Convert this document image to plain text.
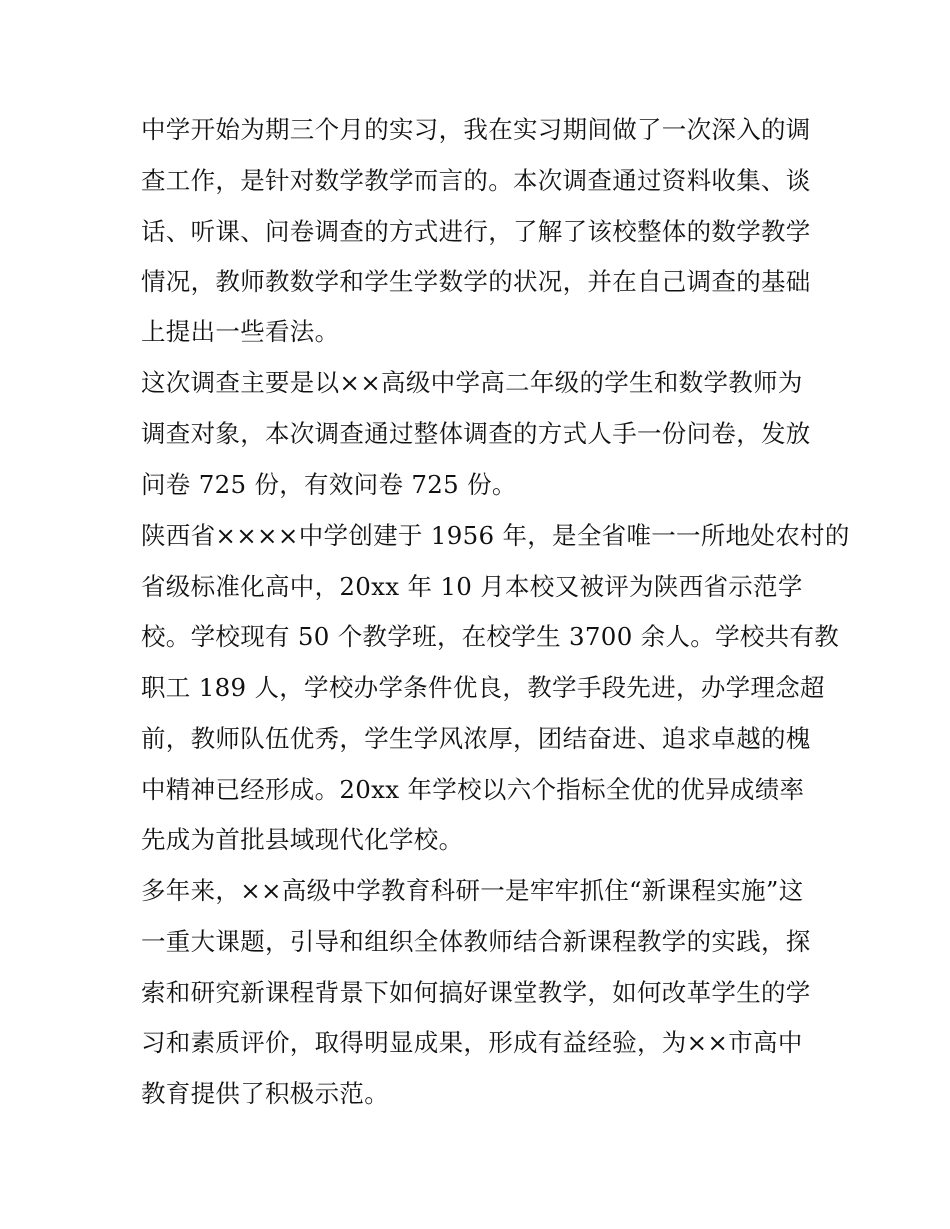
中学开始为期三个月的实习，我在实习期间做了一次深入的调
查工作，是针对数学教学而言的。本次调查通过资料收集、谈
话、听课、问卷调查的方式进行，了解了该校整体的数学教学
情况，教师教数学和学生学数学的状况，并在自己调查的基础
上提出一些看法。
这次调查主要是以××高级中学高二年级的学生和数学教师为
调查对象，本次调查通过整体调查的方式人手一份问卷，发放
问卷 725 份，有效问卷 725 份。
陕西省××××中学创建于 1956 年，是全省唯一一所地处农村的
省级标准化高中，20xx 年 10 月本校又被评为陕西省示范学
校。学校现有 50 个教学班，在校学生 3700 余人。学校共有教
职工 189 人，学校办学条件优良，教学手段先进，办学理念超
前，教师队伍优秀，学生学风浓厚，团结奋进、追求卓越的槐
中精神已经形成。20xx 年学校以六个指标全优的优异成绩率
先成为首批县域现代化学校。
多年来，××高级中学教育科研一是牢牢抓住“新课程实施”这
一重大课题，引导和组织全体教师结合新课程教学的实践，探
索和研究新课程背景下如何搞好课堂教学，如何改革学生的学
习和素质评价，取得明显成果，形成有益经验，为××市高中
教育提供了积极示范。
